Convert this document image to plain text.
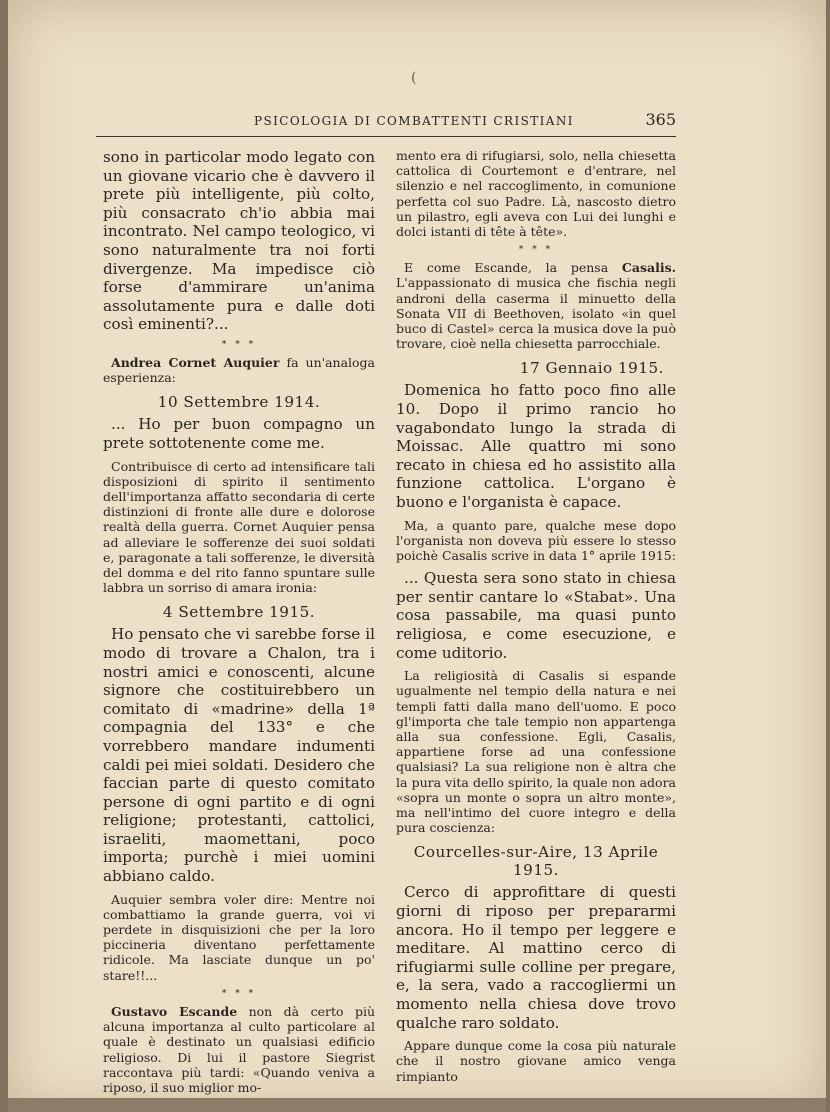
(
PSICOLOGIA DI COMBATTENTI CRISTIANI	365

sono in particolar modo legato con un giovane vicario che è davvero il prete più intelligente, più colto, più consacrato ch'io abbia mai incontrato. Nel campo teologico, vi sono naturalmente tra noi forti divergenze. Ma impedisce ciò forse d'ammirare un'anima assolutamente pura e dalle doti così eminenti?...

* * *

Andrea Cornet Auquier fa un'analoga esperienza:

10 Settembre 1914.

... Ho per buon compagno un prete sottotenente come me.

Contribuisce di certo ad intensificare tali disposizioni di spirito il sentimento dell'importanza affatto secondaria di certe distinzioni di fronte alle dure e dolorose realtà della guerra. Cornet Auquier pensa ad alleviare le sofferenze dei suoi soldati e, paragonate a tali sofferenze, le diversità del domma e del rito fanno spuntare sulle labbra un sorriso di amara ironia:

4 Settembre 1915.

Ho pensato che vi sarebbe forse il modo di trovare a Chalon, tra i nostri amici e conoscenti, alcune signore che costituirebbero un comitato di «madrine» della 1ª compagnia del 133° e che vorrebbero mandare indumenti caldi pei miei soldati. Desidero che faccian parte di questo comitato persone di ogni partito e di ogni religione; protestanti, cattolici, israeliti, maomettani, poco importa; purchè i miei uomini abbiano caldo.

Auquier sembra voler dire: Mentre noi combattiamo la grande guerra, voi vi perdete in disquisizioni che per la loro piccineria diventano perfettamente ridicole. Ma lasciate dunque un po' stare!!...

* * *

Gustavo Escande non dà certo più alcuna importanza al culto particolare al quale è destinato un qualsiasi edificio religioso. Di lui il pastore Siegrist raccontava più tardi: «Quando veniva a riposo, il suo miglior mo-

mento era di rifugiarsi, solo, nella chiesetta cattolica di Courtemont e d'entrare, nel silenzio e nel raccoglimento, in comunione perfetta col suo Padre. Là, nascosto dietro un pilastro, egli aveva con Lui dei lunghi e dolci istanti di tête à tête».

* * *

E come Escande, la pensa Casalis. L'appassionato di musica che fischia negli androni della caserma il minuetto della Sonata VII di Beethoven, isolato «in quel buco di Castel» cerca la musica dove la può trovare, cioè nella chiesetta parrocchiale.

17 Gennaio 1915.

Domenica ho fatto poco fino alle 10. Dopo il primo rancio ho vagabondato lungo la strada di Moissac. Alle quattro mi sono recato in chiesa ed ho assistito alla funzione cattolica. L'organo è buono e l'organista è capace.

Ma, a quanto pare, qualche mese dopo l'organista non doveva più essere lo stesso poichè Casalis scrive in data 1° aprile 1915:

... Questa sera sono stato in chiesa per sentir cantare lo «Stabat». Una cosa passabile, ma quasi punto religiosa, e come esecuzione, e come uditorio.

La religiosità di Casalis si espande ugualmente nel tempio della natura e nei templi fatti dalla mano dell'uomo. E poco gl'importa che tale tempio non appartenga alla sua confessione. Egli, Casalis, appartiene forse ad una confessione qualsiasi? La sua religione non è altra che la pura vita dello spirito, la quale non adora «sopra un monte o sopra un altro monte», ma nell'intimo del cuore integro e della pura coscienza:

Courcelles-sur-Aire, 13 Aprile 1915.

Cerco di approfittare di questi giorni di riposo per prepararmi ancora. Ho il tempo per leggere e meditare. Al mattino cerco di rifugiarmi sulle colline per pregare, e, la sera, vado a raccogliermi un momento nella chiesa dove trovo qualche raro soldato.

Appare dunque come la cosa più naturale che il nostro giovane amico venga rimpianto
